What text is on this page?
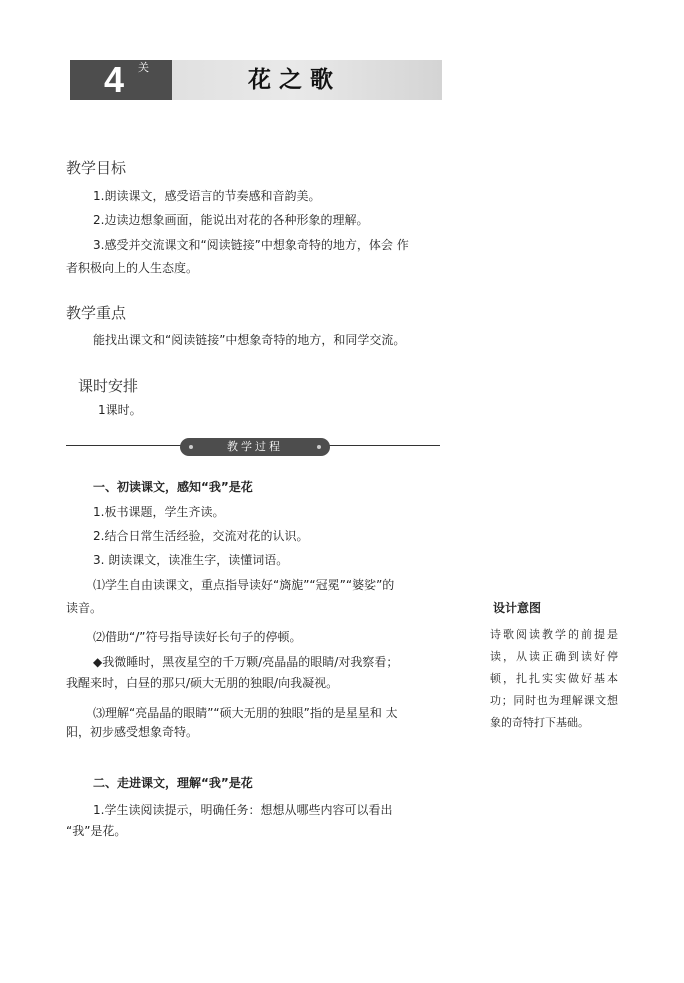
4 关	花之歌
教学目标
1.朗读课文，感受语言的节奏感和音韵美。
2.边读边想象画面，能说出对花的各种形象的理解。
3.感受并交流课文和“阅读链接”中想象奇特的地方，体会 作
者积极向上的人生态度。
教学重点
能找出课文和“阅读链接”中想象奇特的地方，和同学交流。
课时安排
1课时。
教学过程
一、初读课文，感知“我”是花
1.板书课题，学生齐读。
2.结合日常生活经验，交流对花的认识。
3. 朗读课文，读准生字，读懂词语。
⑴学生自由读课文，重点指导读好“旖旎”“冠冕”“婆娑”的
读音。
⑵借助“/”符号指导读好长句子的停顿。
◆我微睡时，黑夜星空的千万颗/亮晶晶的眼睛/对我察看；
我醒来时，白昼的那只/硕大无朋的独眼/向我凝视。
⑶理解“亮晶晶的眼睛”“硕大无朋的独眼”指的是星星和 太
阳，初步感受想象奇特。
二、走进课文，理解“我”是花
1.学生读阅读提示，明确任务：想想从哪些内容可以看出
“我”是花。
设计意图
诗歌阅读教学的前提是读，从读正确到读好停顿，扎扎实实做好基本功；同时也为理解课文想象的奇特打下基础。
